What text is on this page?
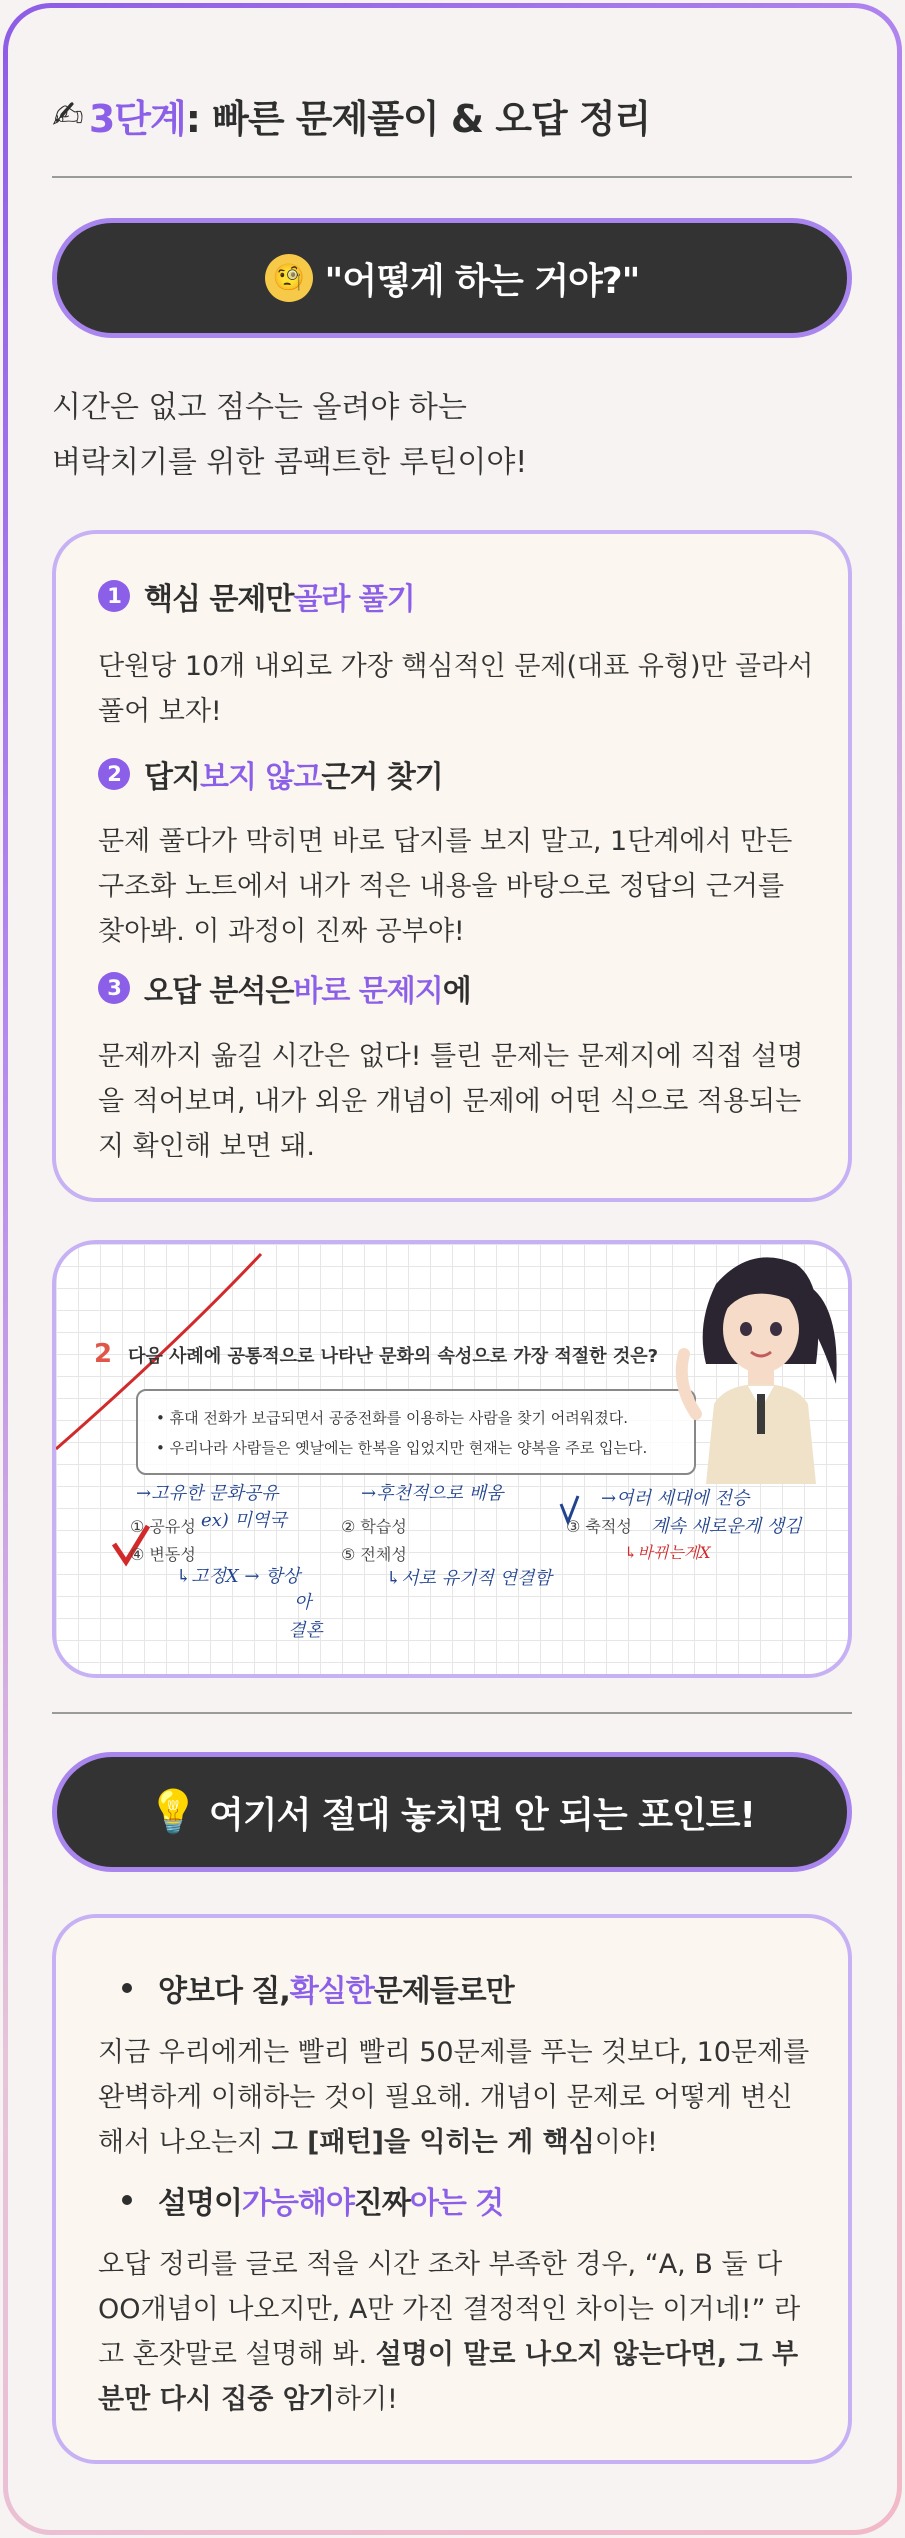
✍ 3단계 : 빠른 문제풀이 & 오답 정리
🧐 "어떻게 하는 거야?"
시간은 없고 점수는 올려야 하는
벼락치기를 위한 콤팩트한 루틴이야!
1 핵심 문제만 골라 풀기
단원당 10개 내외로 가장 핵심적인 문제(대표 유형)만 골라서 풀어 보자!
2 답지 보지 않고 근거 찾기
문제 풀다가 막히면 바로 답지를 보지 말고, 1단계에서 만든 구조화 노트에서 내가 적은 내용을 바탕으로 정답의 근거를 찾아봐. 이 과정이 진짜 공부야!
3 오답 분석은 바로 문제지 에
문제까지 옮길 시간은 없다! 틀린 문제는 문제지에 직접 설명을 적어보며, 내가 외운 개념이 문제에 어떤 식으로 적용되는지 확인해 보면 돼.
2 다음 사례에 공통적으로 나타난 문화의 속성으로 가장 적절한 것은?
• 휴대 전화가 보급되면서 공중전화를 이용하는 사람을 찾기 어려워졌다.
• 우리나라 사람들은 옛날에는 한복을 입었지만 현재는 양복을 주로 입는다.
→고유한 문화공유
ex) 미역국
→후천적으로 배움	→여러 세대에 전승
계속 새로운게 생김
↳바뀌는게X
↳고정X → 항상
아
결혼
↳서로 유기적 연결함
① 공유성	② 학습성	③ 축적성
④ 변동성	⑤ 전체성
💡 여기서 절대 놓치면 안 되는 포인트!
양보다 질, 확실한 문제들로만
지금 우리에게는 빨리 빨리 50문제를 푸는 것보다, 10문제를 완벽하게 이해하는 것이 필요해. 개념이 문제로 어떻게 변신해서 나오는지 그 [패턴]을 익히는 게 핵심이야!
설명이 가능해야 진짜 아는 것
오답 정리를 글로 적을 시간 조차 부족한 경우, “A, B 둘 다 OO개념이 나오지만, A만 가진 결정적인 차이는 이거네!” 라고 혼잣말로 설명해 봐. 설명이 말로 나오지 않는다면, 그 부분만 다시 집중 암기하기!
